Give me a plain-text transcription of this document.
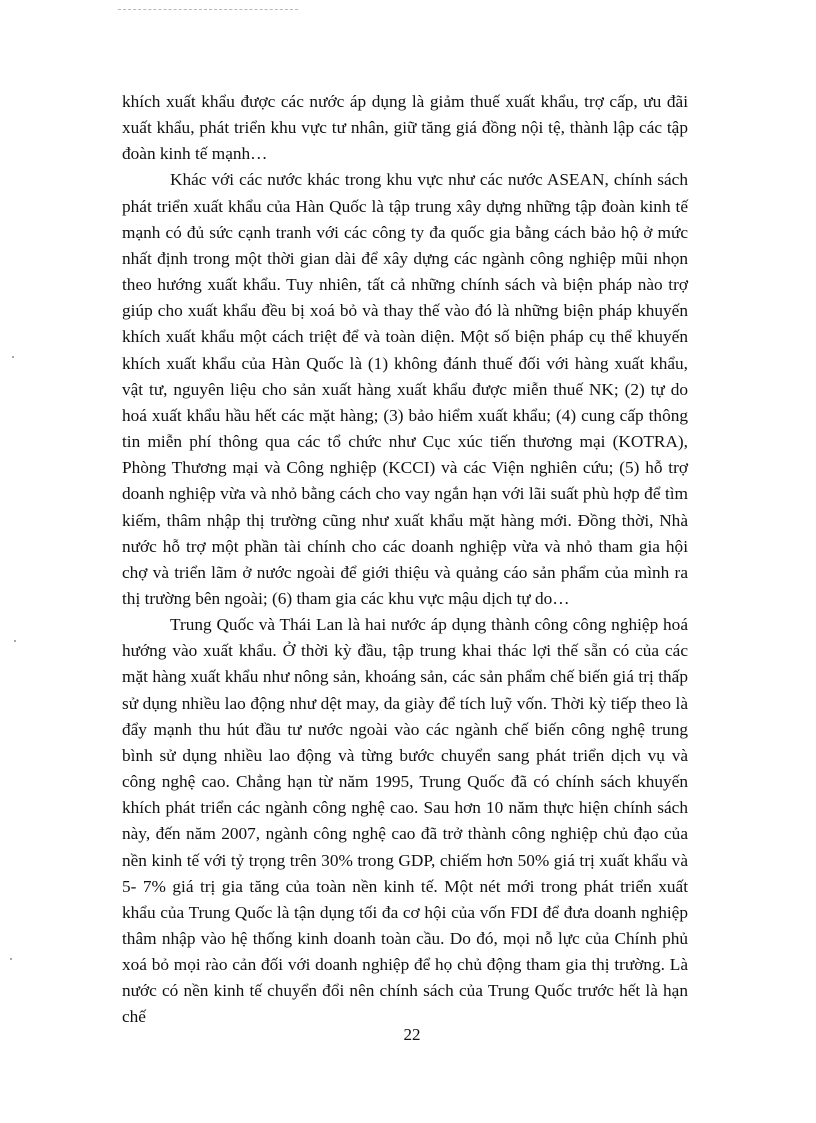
khích xuất khẩu được các nước áp dụng là giảm thuế xuất khẩu, trợ cấp, ưu đãi xuất khẩu, phát triển khu vực tư nhân, giữ tăng giá đồng nội tệ, thành lập các tập đoàn kinh tế mạnh…

Khác với các nước khác trong khu vực như các nước ASEAN, chính sách phát triển xuất khẩu của Hàn Quốc là tập trung xây dựng những tập đoàn kinh tế mạnh có đủ sức cạnh tranh với các công ty đa quốc gia bằng cách bảo hộ ở mức nhất định trong một thời gian dài để xây dựng các ngành công nghiệp mũi nhọn theo hướng xuất khẩu. Tuy nhiên, tất cả những chính sách và biện pháp nào trợ giúp cho xuất khẩu đều bị xoá bỏ và thay thế vào đó là những biện pháp khuyến khích xuất khẩu một cách triệt để và toàn diện. Một số biện pháp cụ thể khuyến khích xuất khẩu của Hàn Quốc là (1) không đánh thuế đối với hàng xuất khẩu, vật tư, nguyên liệu cho sản xuất hàng xuất khẩu được miễn thuế NK; (2) tự do hoá xuất khẩu hầu hết các mặt hàng; (3) bảo hiểm xuất khẩu; (4) cung cấp thông tin miễn phí thông qua các tổ chức như Cục xúc tiến thương mại (KOTRA), Phòng Thương mại và Công nghiệp (KCCI) và các Viện nghiên cứu; (5) hỗ trợ doanh nghiệp vừa và nhỏ bằng cách cho vay ngắn hạn với lãi suất phù hợp để tìm kiếm, thâm nhập thị trường cũng như xuất khẩu mặt hàng mới. Đồng thời, Nhà nước hỗ trợ một phần tài chính cho các doanh nghiệp vừa và nhỏ tham gia hội chợ và triển lãm ở nước ngoài để giới thiệu và quảng cáo sản phẩm của mình ra thị trường bên ngoài; (6) tham gia các khu vực mậu dịch tự do…

Trung Quốc và Thái Lan là hai nước áp dụng thành công công nghiệp hoá hướng vào xuất khẩu. Ở thời kỳ đầu, tập trung khai thác lợi thế sẵn có của các mặt hàng xuất khẩu như nông sản, khoáng sản, các sản phẩm chế biến giá trị thấp sử dụng nhiều lao động như dệt may, da giày để tích luỹ vốn. Thời kỳ tiếp theo là đẩy mạnh thu hút đầu tư nước ngoài vào các ngành chế biến công nghệ trung bình sử dụng nhiều lao động và từng bước chuyển sang phát triển dịch vụ và công nghệ cao. Chẳng hạn từ năm 1995, Trung Quốc đã có chính sách khuyến khích phát triển các ngành công nghệ cao. Sau hơn 10 năm thực hiện chính sách này, đến năm 2007, ngành công nghệ cao đã trở thành công nghiệp chủ đạo của nền kinh tế với tỷ trọng trên 30% trong GDP, chiếm hơn 50% giá trị xuất khẩu và 5- 7% giá trị gia tăng của toàn nền kinh tế. Một nét mới trong phát triển xuất khẩu của Trung Quốc là tận dụng tối đa cơ hội của vốn FDI để đưa doanh nghiệp thâm nhập vào hệ thống kinh doanh toàn cầu. Do đó, mọi nỗ lực của Chính phủ xoá bỏ mọi rào cản đối với doanh nghiệp để họ chủ động tham gia thị trường. Là nước có nền kinh tế chuyển đổi nên chính sách của Trung Quốc trước hết là hạn chế

22
